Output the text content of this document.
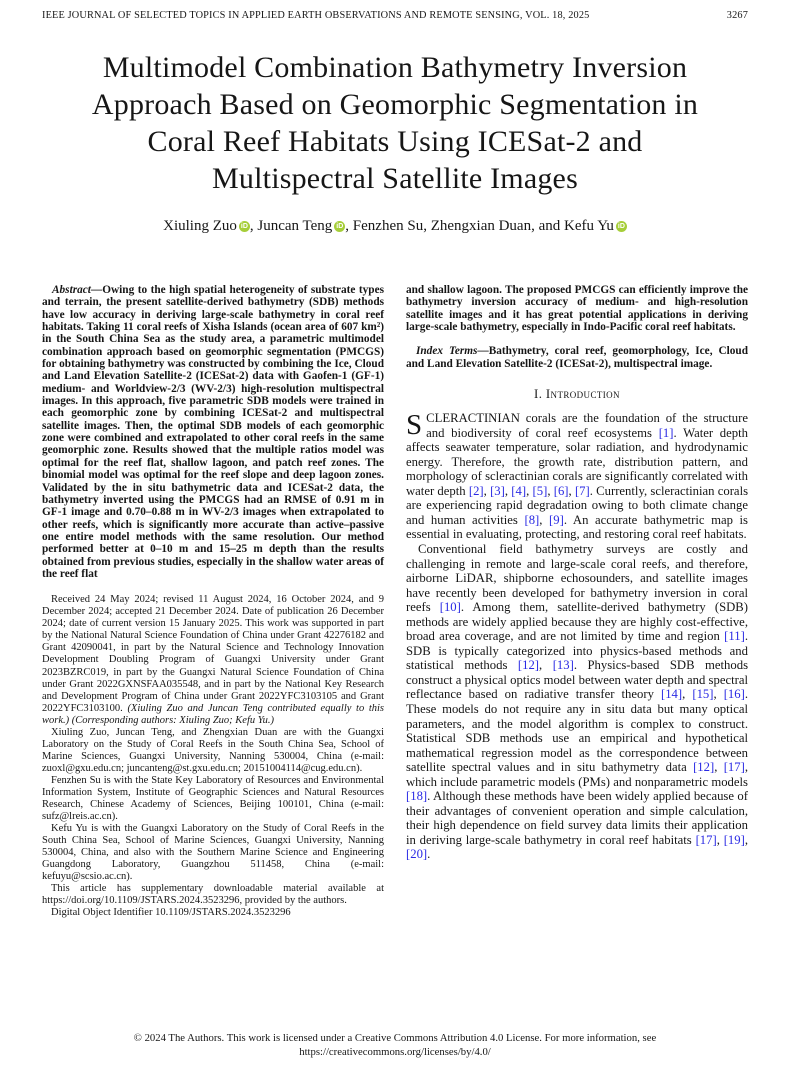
IEEE JOURNAL OF SELECTED TOPICS IN APPLIED EARTH OBSERVATIONS AND REMOTE SENSING, VOL. 18, 2025	3267
Multimodel Combination Bathymetry Inversion Approach Based on Geomorphic Segmentation in Coral Reef Habitats Using ICESat-2 and Multispectral Satellite Images
Xiuling Zuo iD , Juncan Teng iD , Fenzhen Su, Zhengxian Duan, and Kefu Yu iD

Abstract—Owing to the high spatial heterogeneity of substrate types and terrain, the present satellite-derived bathymetry (SDB) methods have low accuracy in deriving large-scale bathymetry in coral reef habitats. Taking 11 coral reefs of Xisha Islands (ocean area of 607 km²) in the South China Sea as the study area, a parametric multimodel combination approach based on geomorphic segmentation (PMCGS) for obtaining bathymetry was constructed by combining the Ice, Cloud and Land Elevation Satellite-2 (ICESat-2) data with Gaofen-1 (GF-1) medium- and Worldview-2/3 (WV-2/3) high-resolution multispectral images. In this approach, five parametric SDB models were trained in each geomorphic zone by combining ICESat-2 and multispectral satellite images. Then, the optimal SDB models of each geomorphic zone were combined and extrapolated to other coral reefs in the same geomorphic zone. Results showed that the multiple ratios model was optimal for the reef flat, shallow lagoon, and patch reef zones. The binomial model was optimal for the reef slope and deep lagoon zones. Validated by the in situ bathymetric data and ICESat-2 data, the bathymetry inverted using the PMCGS had an RMSE of 0.91 m in GF-1 image and 0.70–0.88 m in WV-2/3 images when extrapolated to other reefs, which is significantly more accurate than active–passive one entire model methods with the same resolution. Our method performed better at 0–10 m and 15–25 m depth than the results obtained from previous studies, especially in the shallow water areas of the reef flat

Received 24 May 2024; revised 11 August 2024, 16 October 2024, and 9 December 2024; accepted 21 December 2024. Date of publication 26 December 2024; date of current version 15 January 2025. This work was supported in part by the National Natural Science Foundation of China under Grant 42276182 and Grant 42090041, in part by the Natural Science and Technology Innovation Development Doubling Program of Guangxi University under Grant 2023BZRC019, in part by the Guangxi Natural Science Foundation of China under Grant 2022GXNSFAA035548, and in part by the National Key Research and Development Program of China under Grant 2022YFC3103105 and Grant 2022YFC3103100. (Xiuling Zuo and Juncan Teng contributed equally to this work.) (Corresponding authors: Xiuling Zuo; Kefu Yu.)

Xiuling Zuo, Juncan Teng, and Zhengxian Duan are with the Guangxi Laboratory on the Study of Coral Reefs in the South China Sea, School of Marine Sciences, Guangxi University, Nanning 530004, China (e-mail: zuoxl@gxu.edu.cn; juncanteng@st.gxu.edu.cn; 20151004114@cug.edu.cn).

Fenzhen Su is with the State Key Laboratory of Resources and Environmental Information System, Institute of Geographic Sciences and Natural Resources Research, Chinese Academy of Sciences, Beijing 100101, China (e-mail: sufz@lreis.ac.cn).

Kefu Yu is with the Guangxi Laboratory on the Study of Coral Reefs in the South China Sea, School of Marine Sciences, Guangxi University, Nanning 530004, China, and also with the Southern Marine Science and Engineering Guangdong Laboratory, Guangzhou 511458, China (e-mail: kefuyu@scsio.ac.cn).

This article has supplementary downloadable material available at https://doi.org/10.1109/JSTARS.2024.3523296, provided by the authors.

Digital Object Identifier 10.1109/JSTARS.2024.3523296

and shallow lagoon. The proposed PMCGS can efficiently improve the bathymetry inversion accuracy of medium- and high-resolution satellite images and it has great potential applications in deriving large-scale bathymetry, especially in Indo-Pacific coral reef habitats.

Index Terms—Bathymetry, coral reef, geomorphology, Ice, Cloud and Land Elevation Satellite-2 (ICESat-2), multispectral image.

I. Introduction

SCLERACTINIAN corals are the foundation of the structure and biodiversity of coral reef ecosystems [1]. Water depth affects seawater temperature, solar radiation, and hydrodynamic energy. Therefore, the growth rate, distribution pattern, and morphology of scleractinian corals are significantly correlated with water depth [2], [3], [4], [5], [6], [7]. Currently, scleractinian corals are experiencing rapid degradation owing to both climate change and human activities [8], [9]. An accurate bathymetric map is essential in evaluating, protecting, and restoring coral reef habitats.

Conventional field bathymetry surveys are costly and challenging in remote and large-scale coral reefs, and therefore, airborne LiDAR, shipborne echosounders, and satellite images have recently been developed for bathymetry inversion in coral reefs [10]. Among them, satellite-derived bathymetry (SDB) methods are widely applied because they are highly cost-effective, broad area coverage, and are not limited by time and region [11]. SDB is typically categorized into physics-based methods and statistical methods [12], [13]. Physics-based SDB methods construct a physical optics model between water depth and spectral reflectance based on radiative transfer theory [14], [15], [16]. These models do not require any in situ data but many optical parameters, and the model algorithm is complex to construct. Statistical SDB methods use an empirical and hypothetical mathematical regression model as the correspondence between satellite spectral values and in situ bathymetry data [12], [17], which include parametric models (PMs) and nonparametric models [18]. Although these methods have been widely applied because of their advantages of convenient operation and simple calculation, their high dependence on field survey data limits their application in deriving large-scale bathymetry in coral reef habitats [17], [19], [20].

© 2024 The Authors. This work is licensed under a Creative Commons Attribution 4.0 License. For more information, see
https://creativecommons.org/licenses/by/4.0/
